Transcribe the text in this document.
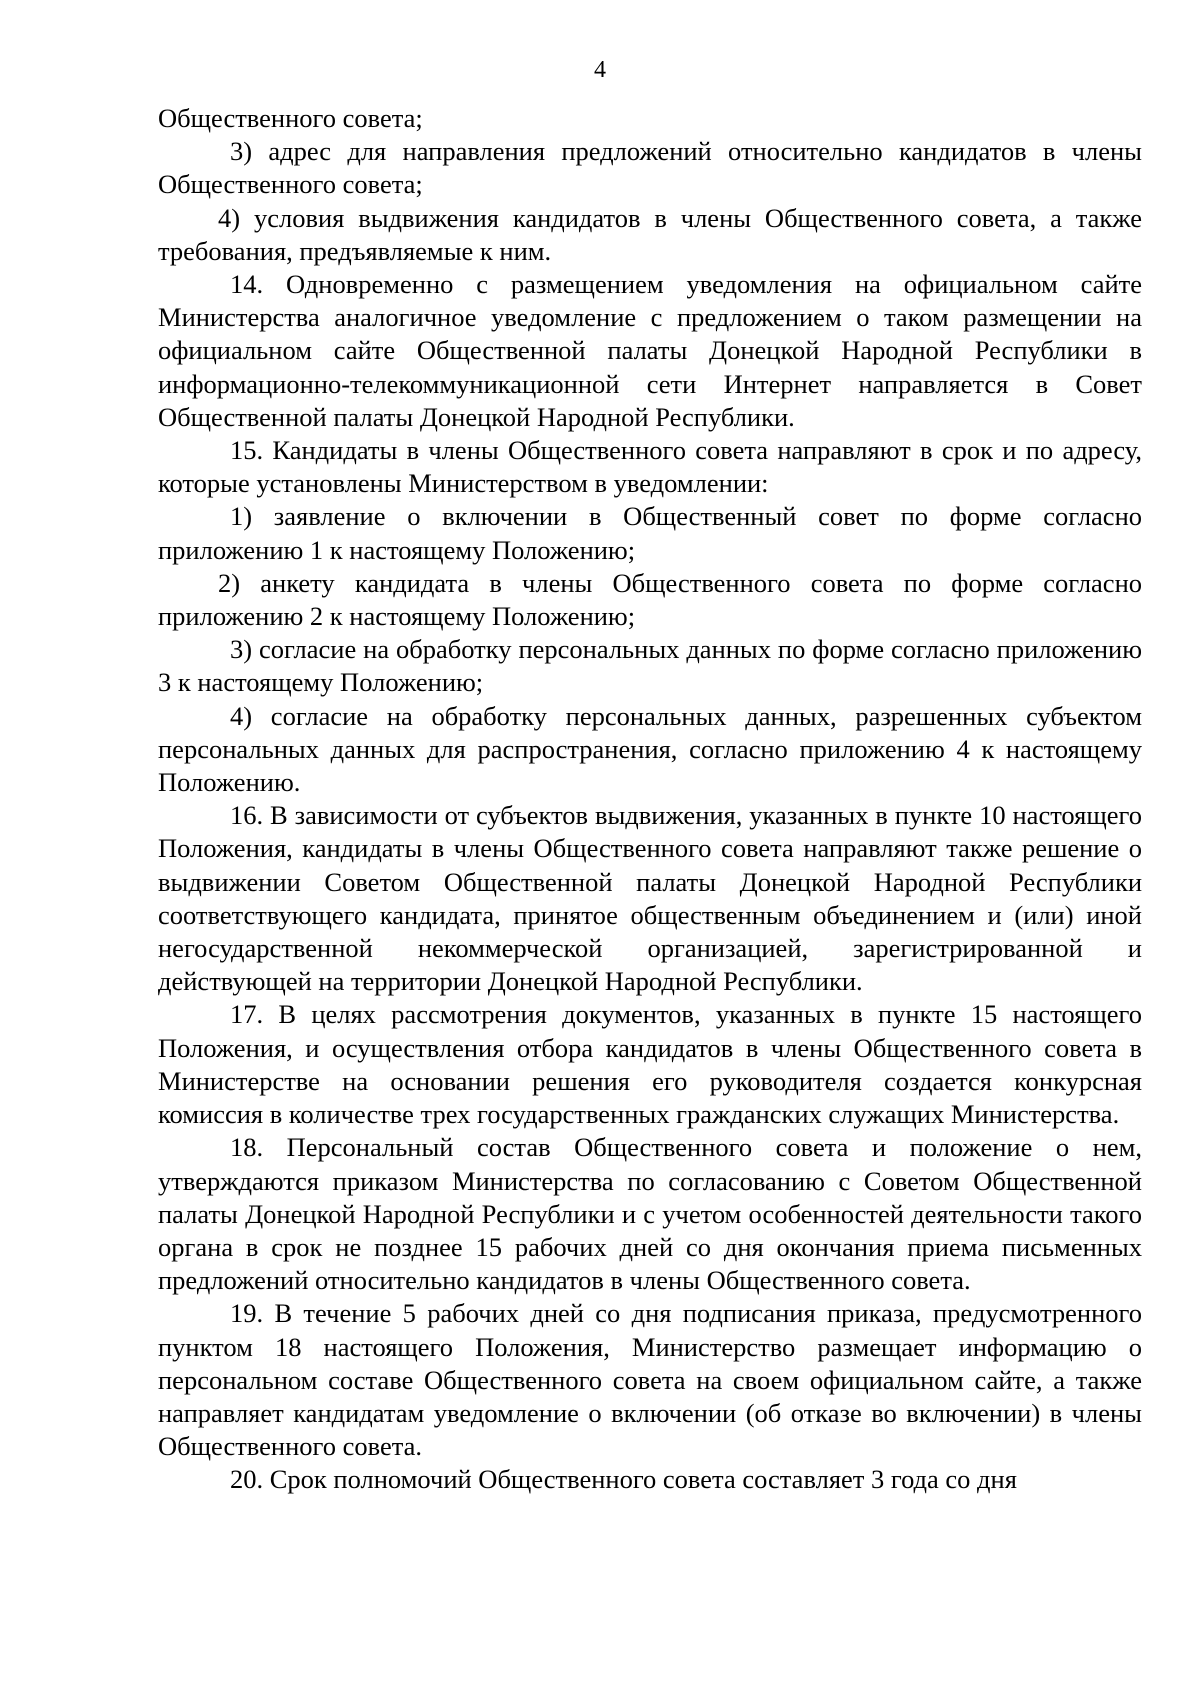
4

Общественного совета;

3) адрес для направления предложений относительно кандидатов в члены Общественного совета;

4) условия выдвижения кандидатов в члены Общественного совета, а также требования, предъявляемые к ним.

14. Одновременно с размещением уведомления на официальном сайте Министерства аналогичное уведомление с предложением о таком размещении на официальном сайте Общественной палаты Донецкой Народной Республики в информационно-телекоммуникационной сети Интернет направляется в Совет Общественной палаты Донецкой Народной Республики.

15. Кандидаты в члены Общественного совета направляют в срок и по адресу, которые установлены Министерством в уведомлении:

1) заявление о включении в Общественный совет по форме согласно приложению 1 к настоящему Положению;

2) анкету кандидата в члены Общественного совета по форме согласно приложению 2 к настоящему Положению;

3) согласие на обработку персональных данных по форме согласно приложению 3 к настоящему Положению;

4) согласие на обработку персональных данных, разрешенных субъектом персональных данных для распространения, согласно приложению 4 к настоящему Положению.

16. В зависимости от субъектов выдвижения, указанных в пункте 10 настоящего Положения, кандидаты в члены Общественного совета направляют также решение о выдвижении Советом Общественной палаты Донецкой Народной Республики соответствующего кандидата, принятое общественным объединением и (или) иной негосударственной некоммерческой организацией, зарегистрированной и действующей на территории Донецкой Народной Республики.

17. В целях рассмотрения документов, указанных в пункте 15 настоящего Положения, и осуществления отбора кандидатов в члены Общественного совета в Министерстве на основании решения его руководителя создается конкурсная комиссия в количестве трех государственных гражданских служащих Министерства.

18. Персональный состав Общественного совета и положение о нем, утверждаются приказом Министерства по согласованию с Советом Общественной палаты Донецкой Народной Республики и с учетом особенностей деятельности такого органа в срок не позднее 15 рабочих дней со дня окончания приема письменных предложений относительно кандидатов в члены Общественного совета.

19. В течение 5 рабочих дней со дня подписания приказа, предусмотренного пунктом 18 настоящего Положения, Министерство размещает информацию о персональном составе Общественного совета на своем официальном сайте, а также направляет кандидатам уведомление о включении (об отказе во включении) в члены Общественного совета.

20. Срок полномочий Общественного совета составляет 3 года со дня
